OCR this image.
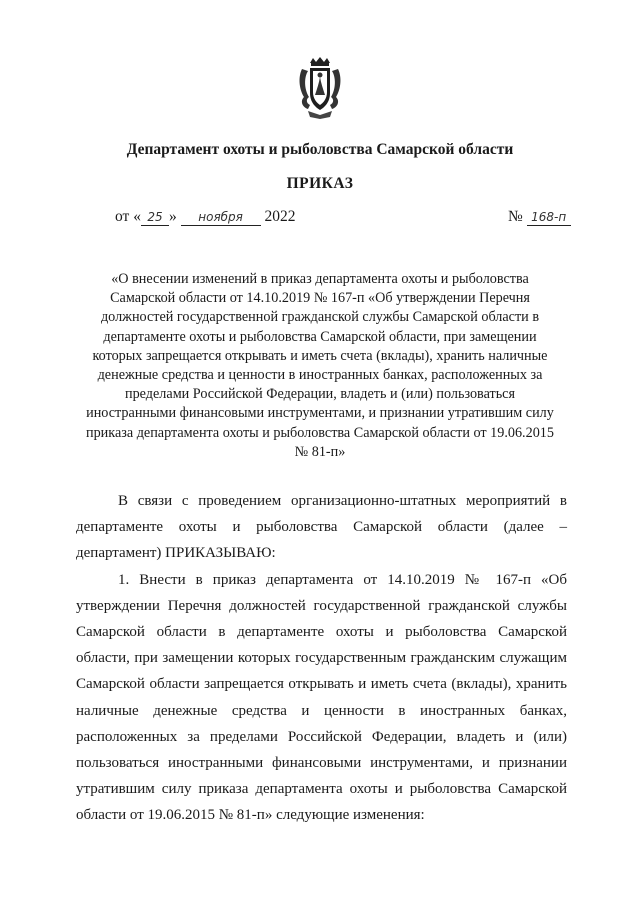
Департамент охоты и рыболовства Самарской области
ПРИКАЗ
от « 25 » ноября 2022	№ 168-п
«О внесении изменений в приказ департамента охоты и рыболовства Самарской области от 14.10.2019 № 167-п «Об утверждении Перечня должностей государственной гражданской службы Самарской области в департаменте охоты и рыболовства Самарской области, при замещении которых запрещается открывать и иметь счета (вклады), хранить наличные денежные средства и ценности в иностранных банках, расположенных за пределами Российской Федерации, владеть и (или) пользоваться иностранными финансовыми инструментами, и признании утратившим силу приказа департамента охоты и рыболовства Самарской области от 19.06.2015 № 81-п»

В связи с проведением организационно-штатных мероприятий в департаменте охоты и рыболовства Самарской области (далее – департамент) ПРИКАЗЫВАЮ:

1. Внести в приказ департамента от 14.10.2019 № 167-п «Об утверждении Перечня должностей государственной гражданской службы Самарской области в департаменте охоты и рыболовства Самарской области, при замещении которых государственным гражданским служащим Самарской области запрещается открывать и иметь счета (вклады), хранить наличные денежные средства и ценности в иностранных банках, расположенных за пределами Российской Федерации, владеть и (или) пользоваться иностранными финансовыми инструментами, и признании утратившим силу приказа департамента охоты и рыболовства Самарской области от 19.06.2015 № 81-п» следующие изменения:
